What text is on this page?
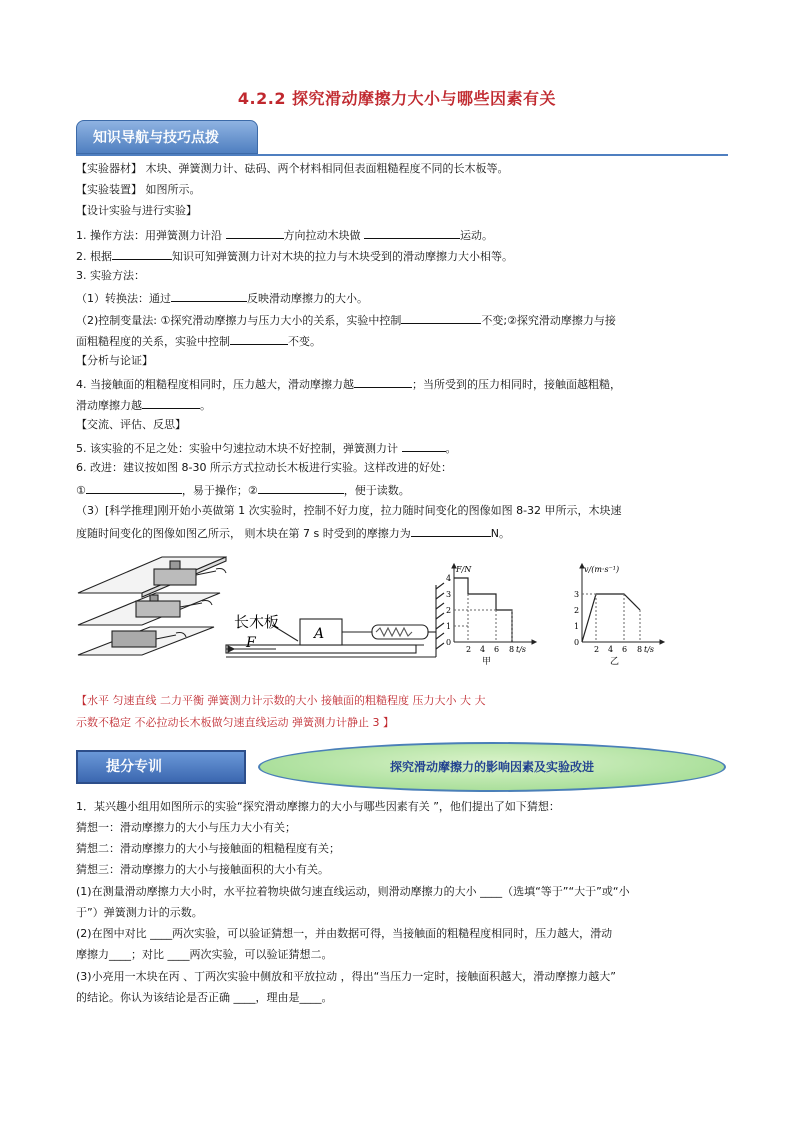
4.2.2 探究滑动摩擦力大小与哪些因素有关
知识导航与技巧点拨
【实验器材】 木块、弹簧测力计、砝码、两个材料相同但表面粗糙程度不同的长木板等。
【实验装置】 如图所示。
【设计实验与进行实验】
1. 操作方法：用弹簧测力计沿	方向拉动木块做	运动。
2. 根据	知识可知弹簧测力计对木块的拉力与木块受到的滑动摩擦力大小相等。
3. 实验方法：
（1）转换法：通过	反映滑动摩擦力的大小。
（2)控制变量法: ①探究滑动摩擦力与压力大小的关系，实验中控制	不变;②探究滑动摩擦力与接
面粗糙程度的关系，实验中控制	不变。
【分析与论证】
4. 当接触面的粗糙程度相同时，压力越大，滑动摩擦力越	；当所受到的压力相同时，接触面越粗糙，
滑动摩擦力越	。
【交流、评估、反思】
5. 该实验的不足之处：实验中匀速拉动木块不好控制，弹簧测力计	。
6. 改进：建议按如图 8-30 所示方式拉动长木板进行实验。这样改进的好处：
①	，易于操作；②	，便于读数。
（3）[科学推理]刚开始小英做第 1 次实验时，控制不好力度，拉力随时间变化的图像如图 8-32 甲所示，木块速
度随时间变化的图像如图乙所示， 则木块在第 7 s 时受到的摩擦力为	N。
长木板
A
F
F/N
4
3
2
1
0
2 4 6 8 t/s
甲
v/(m·s⁻¹)
3
2
1
0
2 4 6 8 t/s
乙
【水平 匀速直线 二力平衡 弹簧测力计示数的大小 接触面的粗糙程度 压力大小 大 大
示数不稳定 不必拉动长木板做匀速直线运动 弹簧测力计静止 3 】
提分专训	探究滑动摩擦力的影响因素及实验改进
1．某兴趣小组用如图所示的实验“探究滑动摩擦力的大小与哪些因素有关 ”，他们提出了如下猜想：
猜想一：滑动摩擦力的大小与压力大小有关；
猜想二：滑动摩擦力的大小与接触面的粗糙程度有关；
猜想三：滑动摩擦力的大小与接触面积的大小有关。
(1)在测量滑动摩擦力大小时，水平拉着物块做匀速直线运动，则滑动摩擦力的大小 ____（选填“等于”“大于”或“小
于”）弹簧测力计的示数。
(2)在图中对比 ____两次实验，可以验证猜想一，并由数据可得，当接触面的粗糙程度相同时，压力越大，滑动
摩擦力____；对比 ____两次实验，可以验证猜想二。
(3)小亮用一木块在丙 、丁两次实验中侧放和平放拉动 ，得出“当压力一定时，接触面积越大，滑动摩擦力越大”
的结论。你认为该结论是否正确 ____，理由是____。
